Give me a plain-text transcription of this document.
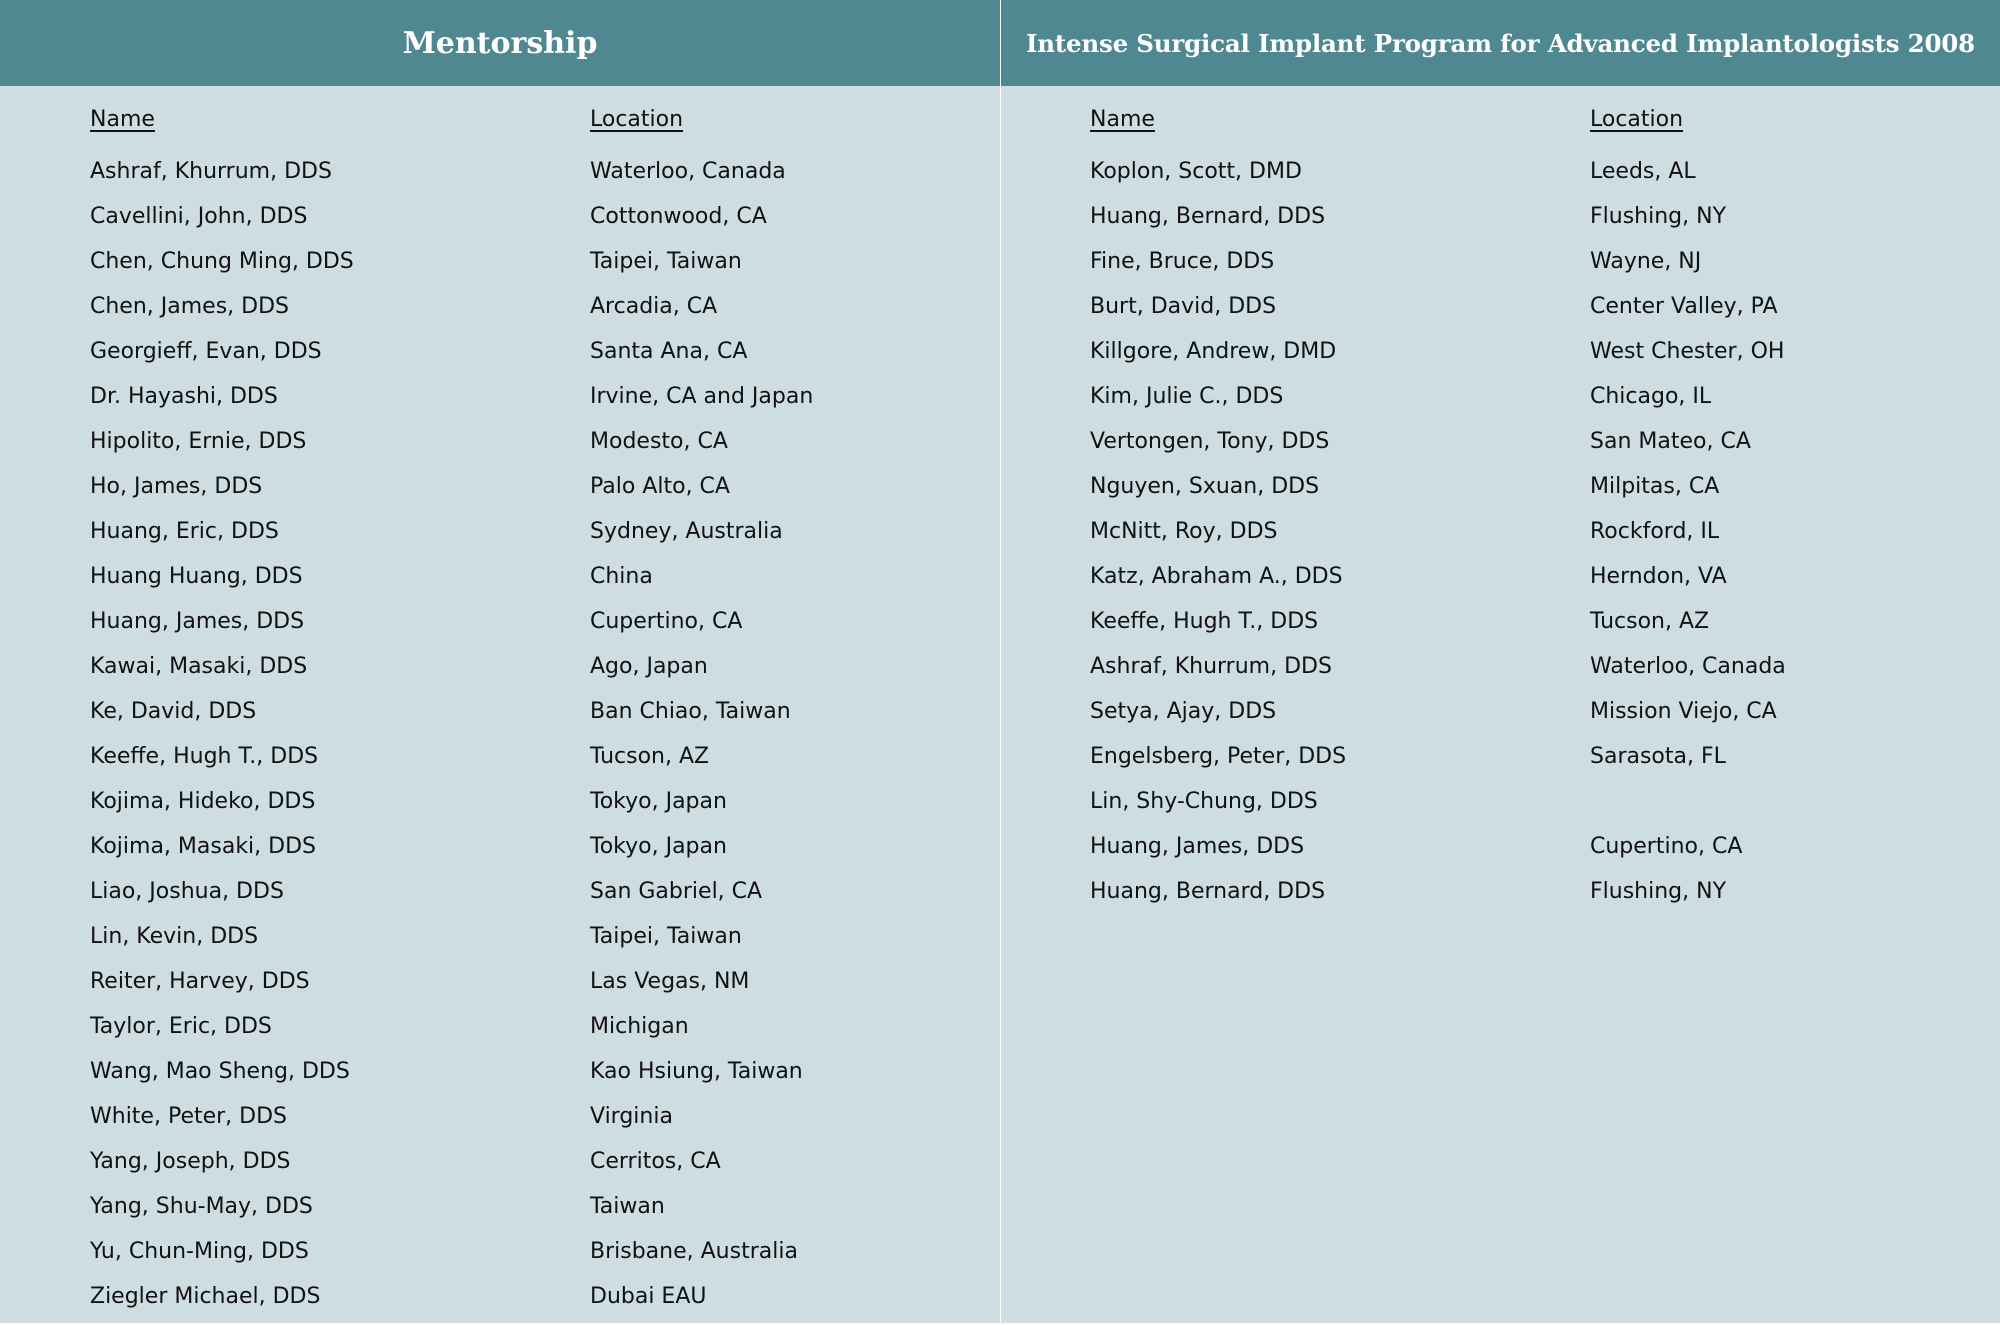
Mentorship
Name
Ashraf, Khurrum, DDS
Cavellini, John, DDS
Chen, Chung Ming, DDS
Chen, James, DDS
Georgieff, Evan, DDS
Dr. Hayashi, DDS
Hipolito, Ernie, DDS
Ho, James, DDS
Huang, Eric, DDS
Huang Huang, DDS
Huang, James, DDS
Kawai, Masaki, DDS
Ke, David, DDS
Keeffe, Hugh T., DDS
Kojima, Hideko, DDS
Kojima, Masaki, DDS
Liao, Joshua, DDS
Lin, Kevin, DDS
Reiter, Harvey, DDS
Taylor, Eric, DDS
Wang, Mao Sheng, DDS
White, Peter, DDS
Yang, Joseph, DDS
Yang, Shu-May, DDS
Yu, Chun-Ming, DDS
Ziegler Michael, DDS
Location
Waterloo, Canada
Cottonwood, CA
Taipei, Taiwan
Arcadia, CA
Santa Ana, CA
Irvine, CA and Japan
Modesto, CA
Palo Alto, CA
Sydney, Australia
China
Cupertino, CA
Ago, Japan
Ban Chiao, Taiwan
Tucson, AZ
Tokyo, Japan
Tokyo, Japan
San Gabriel, CA
Taipei, Taiwan
Las Vegas, NM
Michigan
Kao Hsiung, Taiwan
Virginia
Cerritos, CA
Taiwan
Brisbane, Australia
Dubai EAU
Intense Surgical Implant Program for Advanced Implantologists 2008
Name
Koplon, Scott, DMD
Huang, Bernard, DDS
Fine, Bruce, DDS
Burt, David, DDS
Killgore, Andrew, DMD
Kim, Julie C., DDS
Vertongen, Tony, DDS
Nguyen, Sxuan, DDS
McNitt, Roy, DDS
Katz, Abraham A., DDS
Keeffe, Hugh T., DDS
Ashraf, Khurrum, DDS
Setya, Ajay, DDS
Engelsberg, Peter, DDS
Lin, Shy-Chung, DDS
Huang, James, DDS
Huang, Bernard, DDS
Location
Leeds, AL
Flushing, NY
Wayne, NJ
Center Valley, PA
West Chester, OH
Chicago, IL
San Mateo, CA
Milpitas, CA
Rockford, IL
Herndon, VA
Tucson, AZ
Waterloo, Canada
Mission Viejo, CA
Sarasota, FL
Cupertino, CA
Flushing, NY
